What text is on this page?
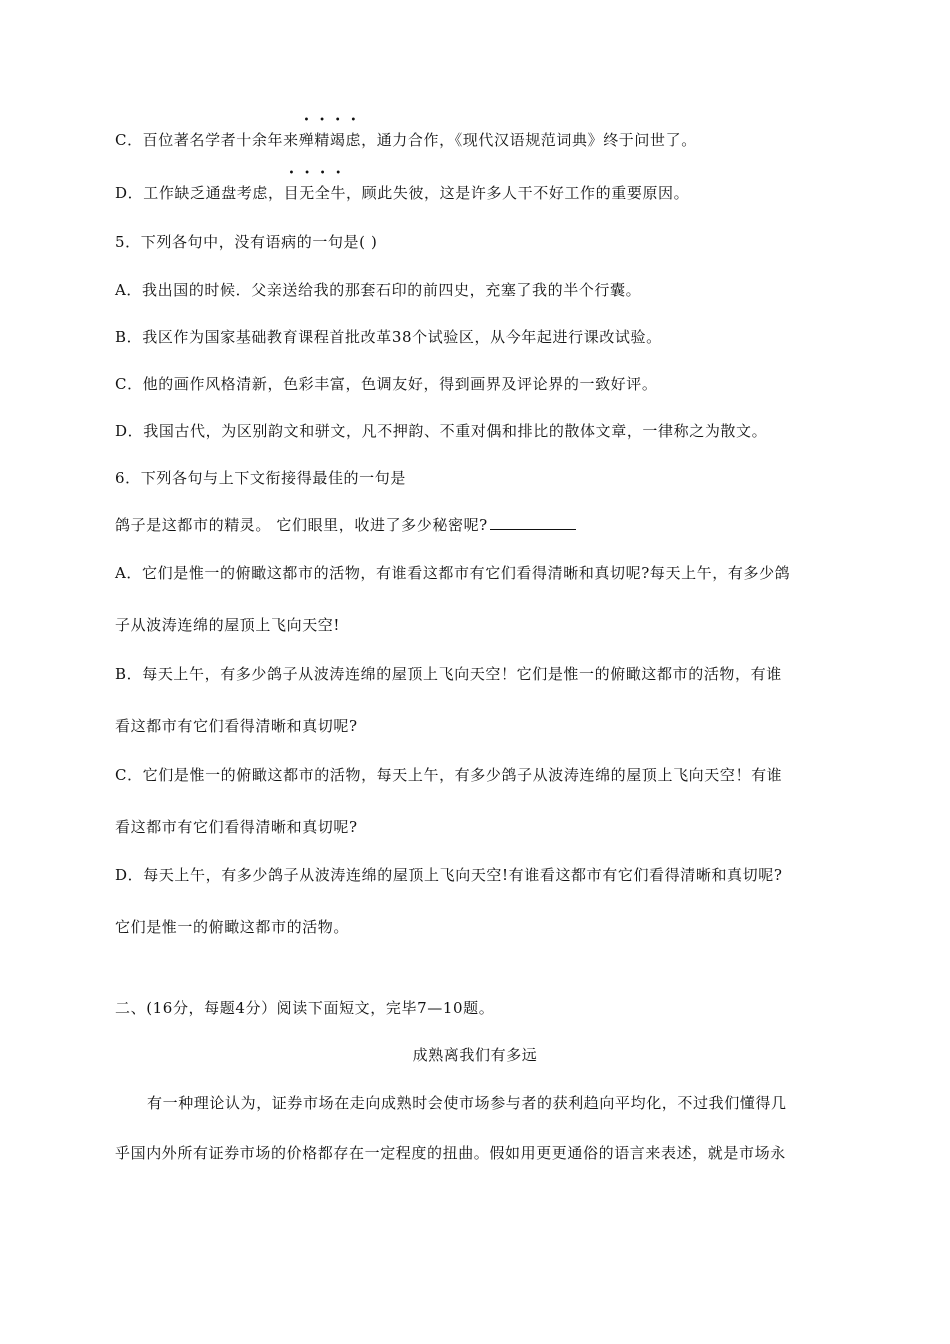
C．百位著名学者十余年来
• • • •
殚精竭虑，通力合作，《现代汉语规范词典》终于问世了。
D．工作缺乏通盘考虑，
• • • •
目无全牛，顾此失彼，这是许多人干不好工作的重要原因。
5．下列各句中，没有语病的一句是( )
A．我出国的时候．父亲送给我的那套石印的前四史，充塞了我的半个行囊。
B．我区作为国家基础教育课程首批改革38个试验区，从今年起进行课改试验。
C．他的画作风格清新，色彩丰富，色调友好，得到画界及评论界的一致好评。
D．我国古代，为区别韵文和骈文，凡不押韵、不重对偶和排比的散体文章，一律称之为散文。
6．下列各句与上下文衔接得最佳的一句是
鸽子是这都市的精灵。 它们眼里，收进了多少秘密呢?
A．它们是惟一的俯瞰这都市的活物，有谁看这都市有它们看得清晰和真切呢?每天上午，有多少鸽
子从波涛连绵的屋顶上飞向天空!
B．每天上午，有多少鸽子从波涛连绵的屋顶上飞向天空！它们是惟一的俯瞰这都市的活物，有谁
看这都市有它们看得清晰和真切呢?
C．它们是惟一的俯瞰这都市的活物，每天上午，有多少鸽子从波涛连绵的屋顶上飞向天空！有谁
看这都市有它们看得清晰和真切呢?
D．每天上午，有多少鸽子从波涛连绵的屋顶上飞向天空!有谁看这都市有它们看得清晰和真切呢?
它们是惟一的俯瞰这都市的活物。
二、(16分，每题4分）阅读下面短文，完毕7—10题。
成熟离我们有多远
有一种理论认为，证券市场在走向成熟时会使市场参与者的获利趋向平均化，不过我们懂得几
乎国内外所有证券市场的价格都存在一定程度的扭曲。假如用更更通俗的语言来表述，就是市场永
